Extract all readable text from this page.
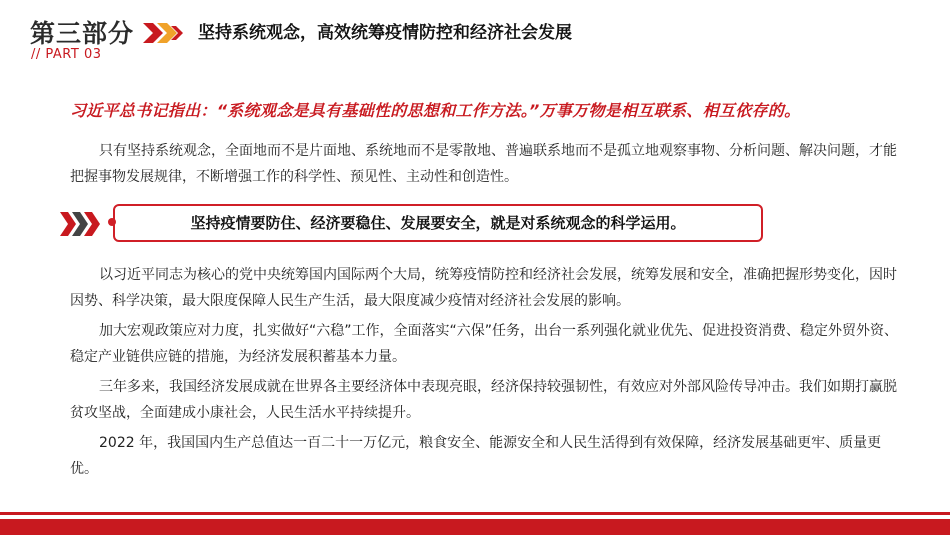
第三部分
// PART 03
坚持系统观念，高效统筹疫情防控和经济社会发展
习近平总书记指出：“系统观念是具有基础性的思想和工作方法。”万事万物是相互联系、相互依存的。
只有坚持系统观念，全面地而不是片面地、系统地而不是零散地、普遍联系地而不是孤立地观察事物、分析问题、解决问题，才能把握事物发展规律，不断增强工作的科学性、预见性、主动性和创造性。
坚持疫情要防住、经济要稳住、发展要安全，就是对系统观念的科学运用。
以习近平同志为核心的党中央统筹国内国际两个大局，统筹疫情防控和经济社会发展，统筹发展和安全，准确把握形势变化，因时因势、科学决策，最大限度保障人民生产生活，最大限度减少疫情对经济社会发展的影响。
加大宏观政策应对力度，扎实做好“六稳”工作，全面落实“六保”任务，出台一系列强化就业优先、促进投资消费、稳定外贸外资、稳定产业链供应链的措施，为经济发展积蓄基本力量。
三年多来，我国经济发展成就在世界各主要经济体中表现亮眼，经济保持较强韧性，有效应对外部风险传导冲击。我们如期打赢脱贫攻坚战，全面建成小康社会，人民生活水平持续提升。
2022 年，我国国内生产总值达一百二十一万亿元，粮食安全、能源安全和人民生活得到有效保障，经济发展基础更牢、质量更优。
